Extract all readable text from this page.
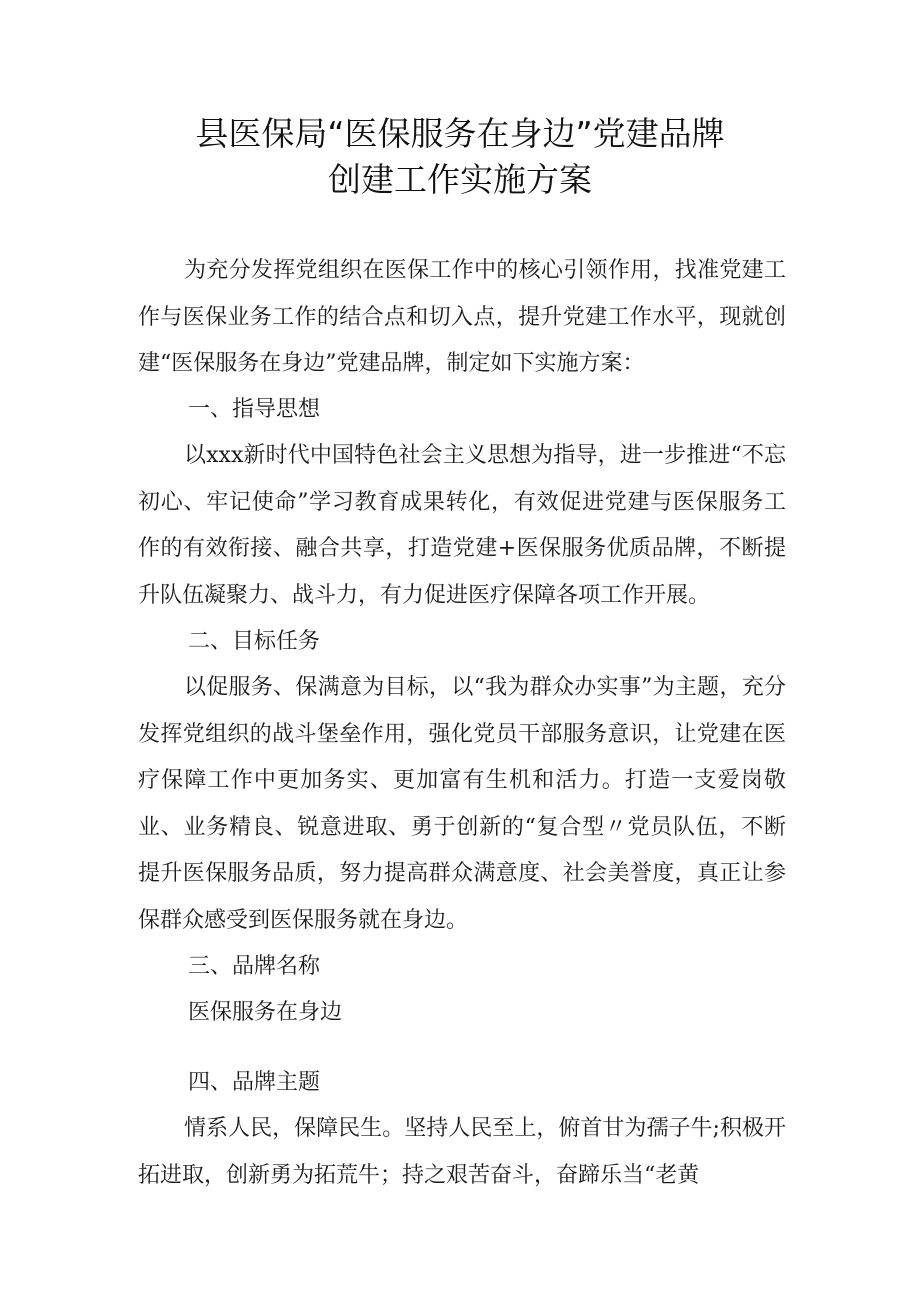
县医保局“医保服务在身边”党建品牌
创建工作实施方案

为充分发挥党组织在医保工作中的核心引领作用，找准党建工作与医保业务工作的结合点和切入点，提升党建工作水平，现就创建“医保服务在身边”党建品牌，制定如下实施方案：

一、指导思想

以xxx新时代中国特色社会主义思想为指导，进一步推进“不忘初心、牢记使命”学习教育成果转化，有效促进党建与医保服务工作的有效衔接、融合共享，打造党建+医保服务优质品牌，不断提升队伍凝聚力、战斗力，有力促进医疗保障各项工作开展。

二、目标任务

以促服务、保满意为目标，以“我为群众办实事”为主题，充分发挥党组织的战斗堡垒作用，强化党员干部服务意识，让党建在医疗保障工作中更加务实、更加富有生机和活力。打造一支爱岗敬业、业务精良、锐意进取、勇于创新的“复合型〃党员队伍，不断提升医保服务品质，努力提高群众满意度、社会美誉度，真正让参保群众感受到医保服务就在身边。

三、品牌名称

医保服务在身边

四、品牌主题

情系人民，保障民生。坚持人民至上，俯首甘为孺子牛;积极开拓进取，创新勇为拓荒牛；持之艰苦奋斗，奋蹄乐当“老黄
